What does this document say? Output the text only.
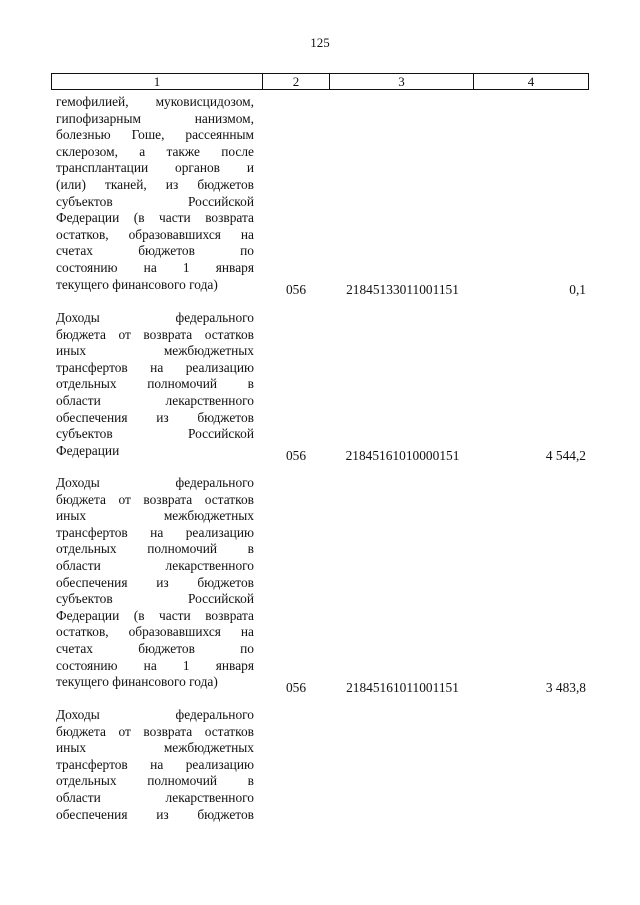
125
1	2	3	4
гемофилией, муковисцидозом,
гипофизарным нанизмом,
болезнью Гоше, рассеянным
склерозом, а также после
трансплантации органов и
(или) тканей, из бюджетов
субъектов Российской
Федерации (в части возврата
остатков, образовавшихся на
счетах бюджетов по
состоянию на 1 января
текущего финансового года)	056	21845133011001151	0,1
Доходы федерального
бюджета от возврата остатков
иных межбюджетных
трансфертов на реализацию
отдельных полномочий в
области лекарственного
обеспечения из бюджетов
субъектов Российской
Федерации	056	21845161010000151	4 544,2
Доходы федерального
бюджета от возврата остатков
иных межбюджетных
трансфертов на реализацию
отдельных полномочий в
области лекарственного
обеспечения из бюджетов
субъектов Российской
Федерации (в части возврата
остатков, образовавшихся на
счетах бюджетов по
состоянию на 1 января
текущего финансового года)	056	21845161011001151	3 483,8
Доходы федерального
бюджета от возврата остатков
иных межбюджетных
трансфертов на реализацию
отдельных полномочий в
области лекарственного
обеспечения из бюджетов
